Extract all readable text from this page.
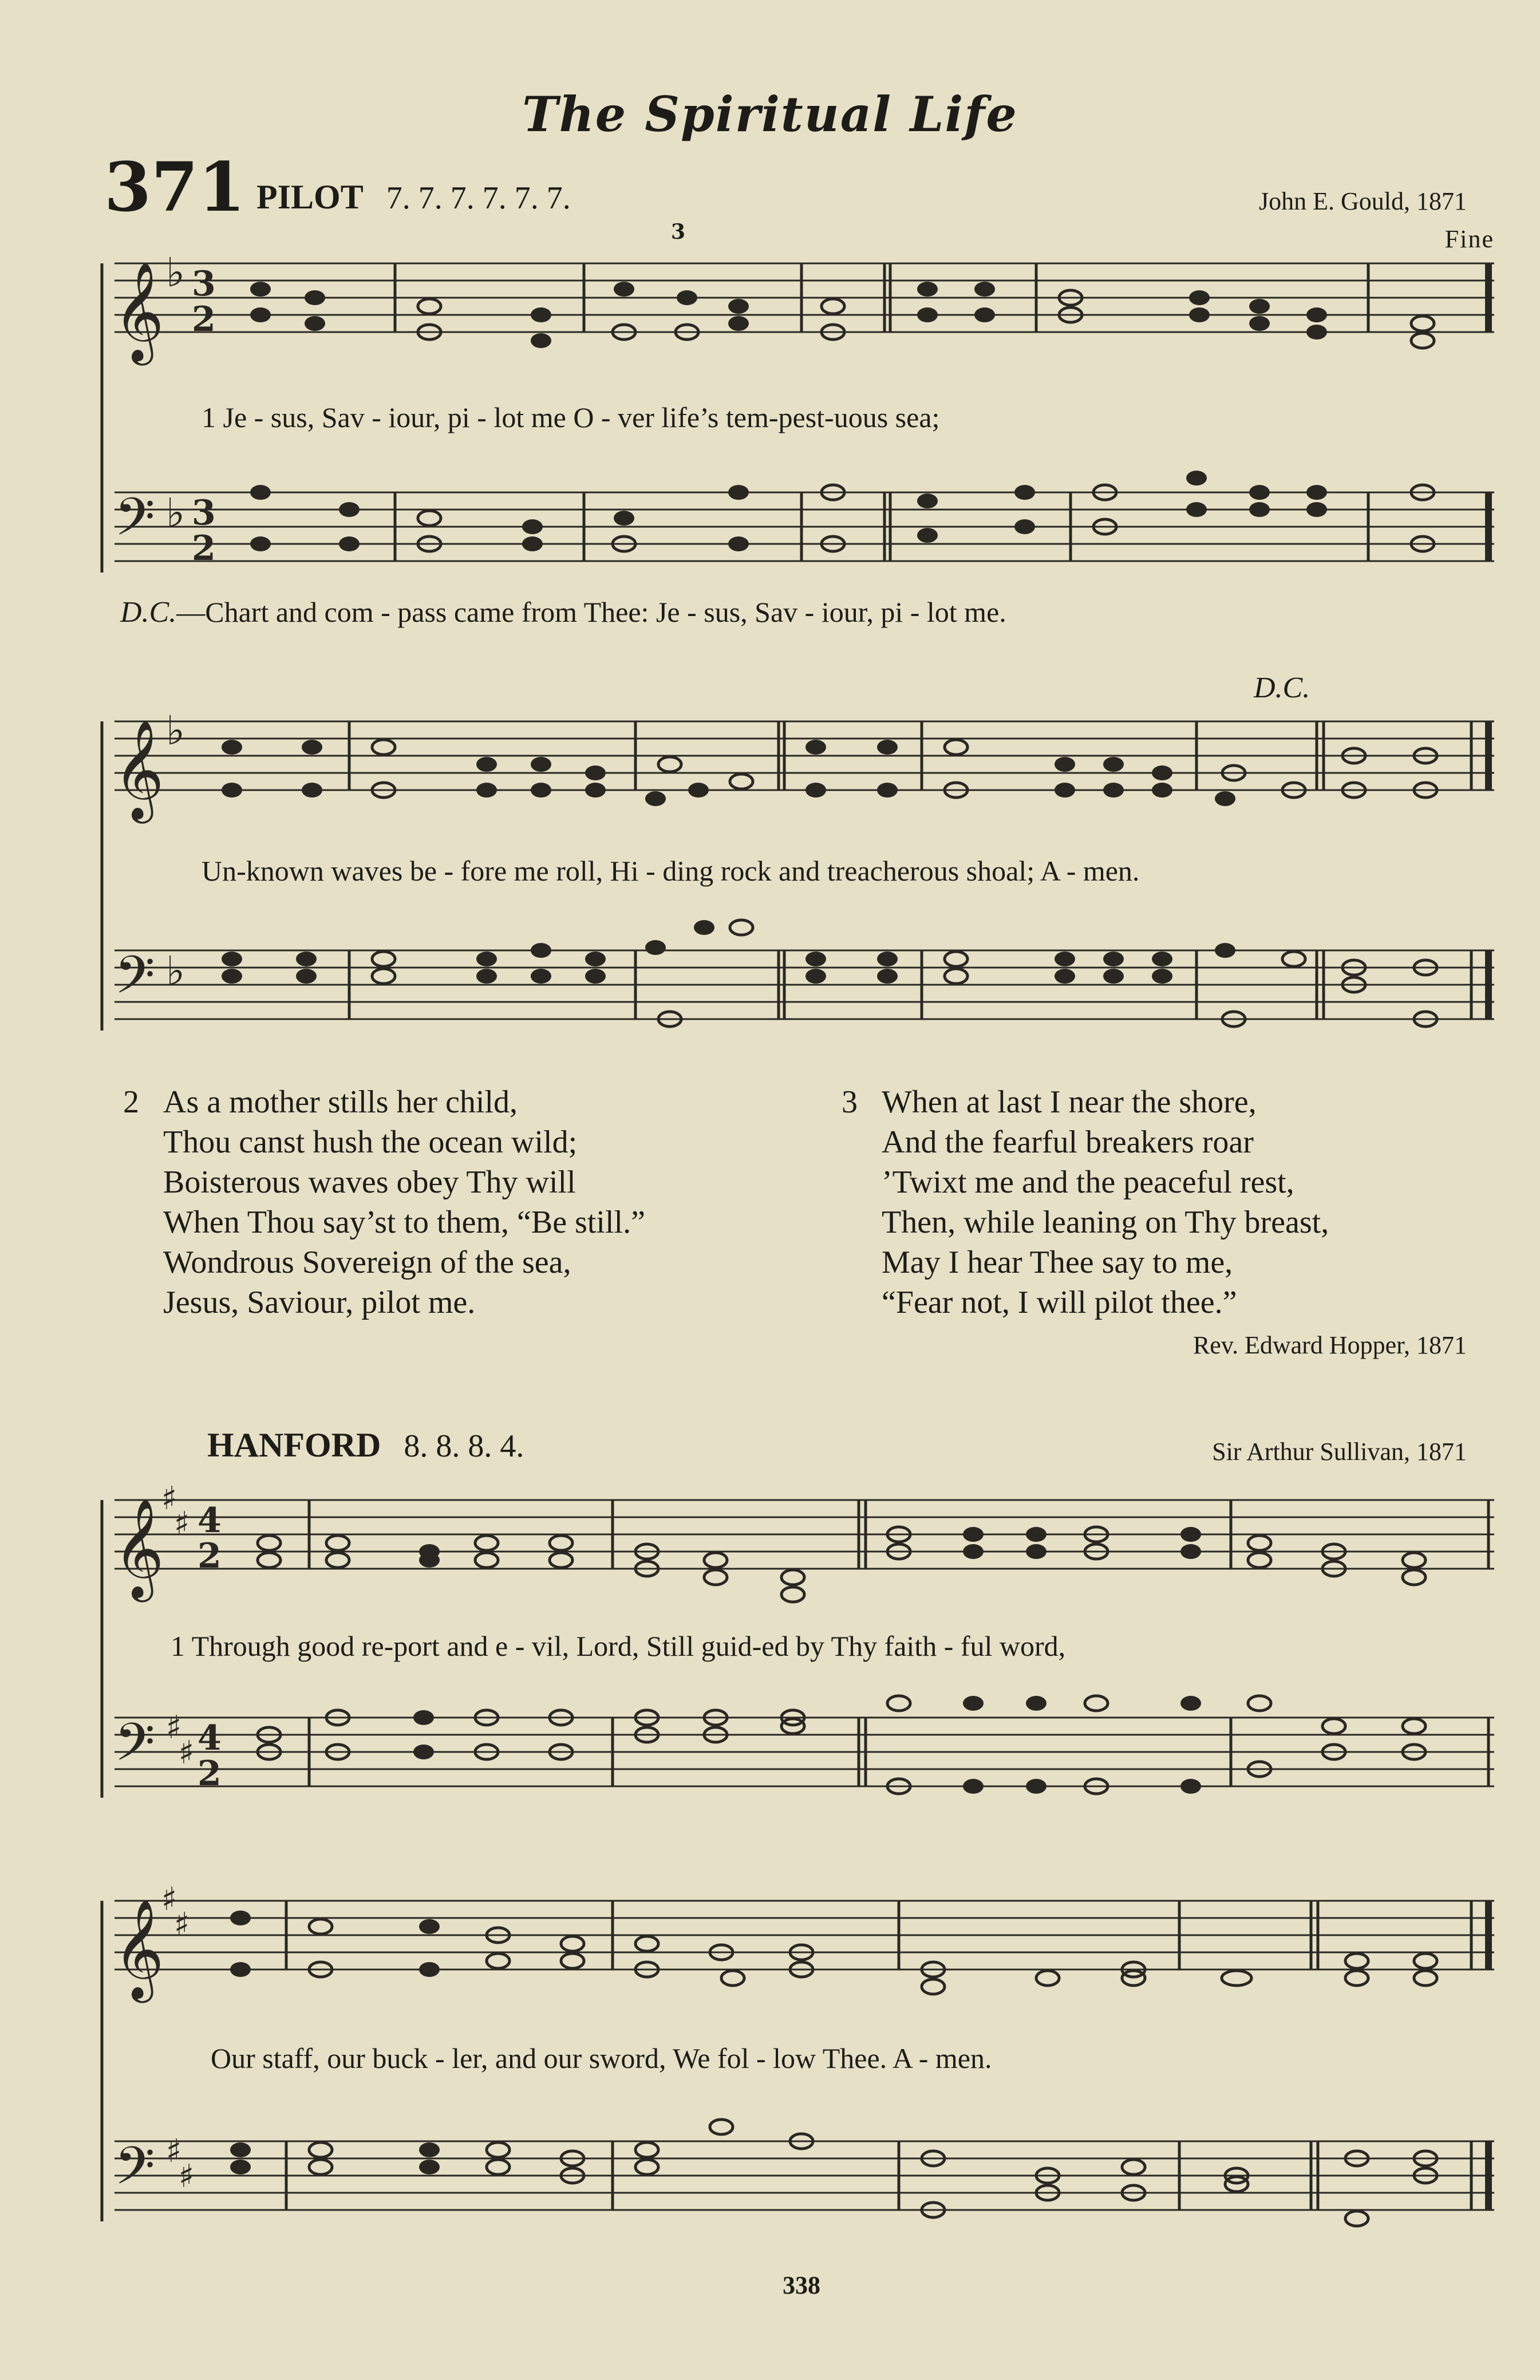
The Spiritual Life
371 PILOT 7. 7. 7. 7. 7. 7.	John E. Gould, 1871
Fine
3
𝄞 ♭ 3
2
1 Je - sus, Sav - iour, pi - lot me O - ver life’s tem-pest-uous sea;
𝄢 ♭ 3
2
D.C.—Chart and com - pass came from Thee: Je - sus, Sav - iour, pi - lot me.
D.C.
𝄞 ♭
Un-known waves be - fore me roll, Hi - ding rock and treacherous shoal; A - men.
𝄢 ♭
2 As a mother stills her child,
Thou canst hush the ocean wild;
Boisterous waves obey Thy will
When Thou say’st to them, “Be still.”
Wondrous Sovereign of the sea,
Jesus, Saviour, pilot me.
3 When at last I near the shore,
And the fearful breakers roar
’Twixt me and the peaceful rest,
Then, while leaning on Thy breast,
May I hear Thee say to me,
“Fear not, I will pilot thee.”
Rev. Edward Hopper, 1871
HANFORD 8. 8. 8. 4.	Sir Arthur Sullivan, 1871
𝄞
♯
♯ 4
2
1 Through good re-port and e - vil, Lord, Still guid-ed by Thy faith - ful word,
𝄢 ♯
♯ 4
2
𝄞
♯
♯
Our staff, our buck - ler, and our sword, We fol - low Thee. A - men.
𝄢 ♯
♯
338
